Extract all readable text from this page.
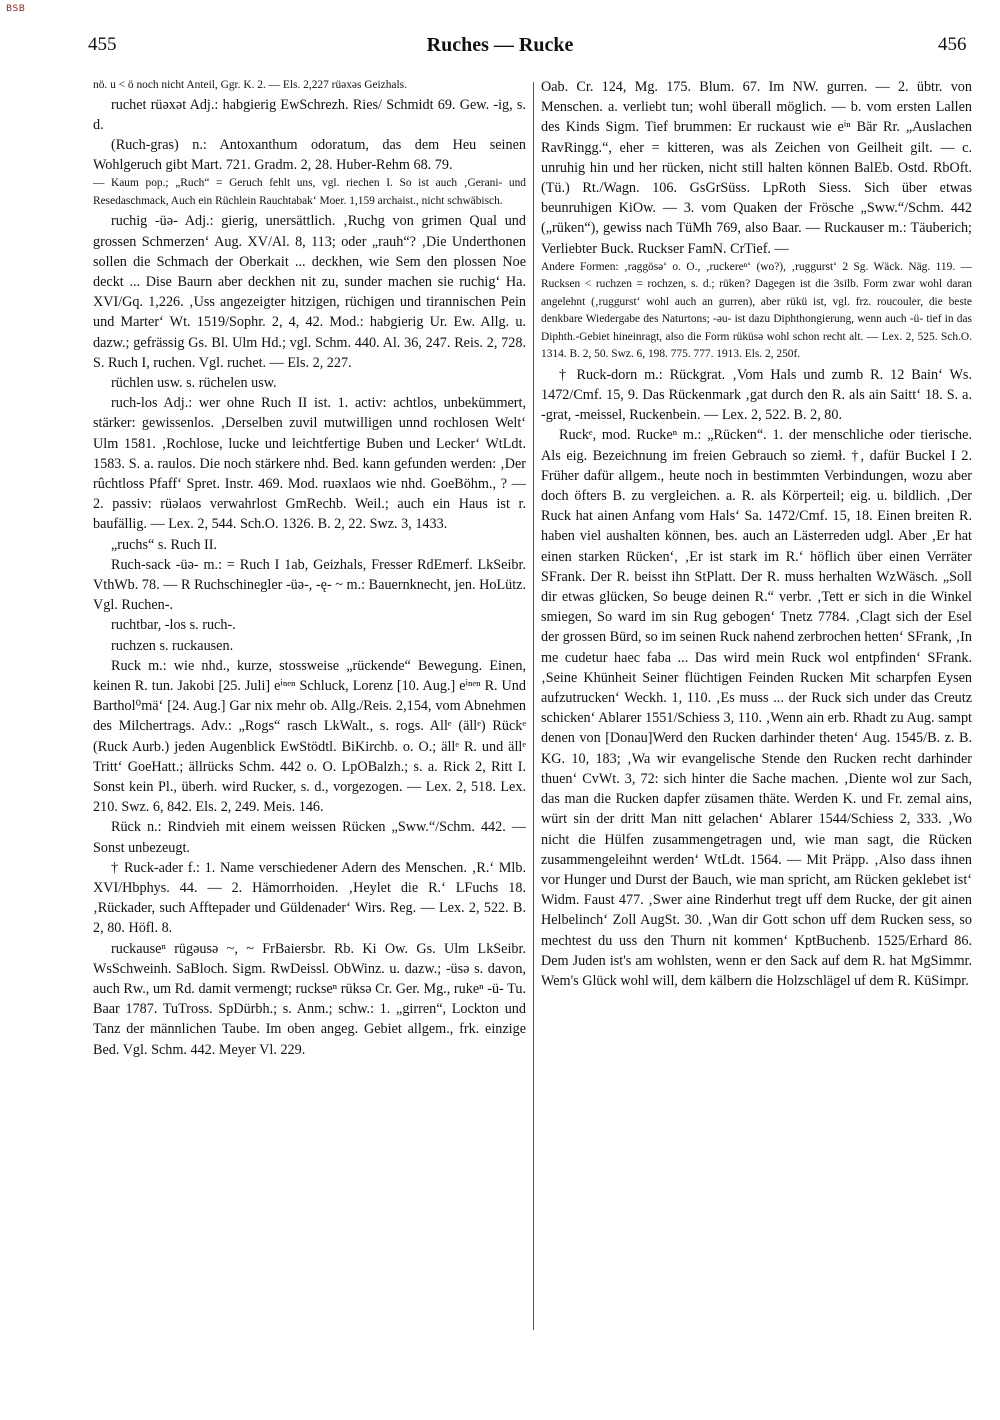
BSB
455	Ruches — Rucke	456

nö. u < ö noch nicht Anteil, Ggr. K. 2. — Els. 2,227 rüəxəs Geizhals.

ruchet rüəxət Adj.: habgierig EwSchrezh. Ries/ Schmidt 69. Gew. -ig, s. d.

(Ruch-gras) n.: Antoxanthum odoratum, das dem Heu seinen Wohlgeruch gibt Mart. 721. Gradm. 2, 28. Huber-Rehm 68. 79.

— Kaum pop.; „Ruch“ = Geruch fehlt uns, vgl. riechen I. So ist auch ‚Gerani- und Resedaschmack, Auch ein Rüchlein Rauchtabak‘ Moer. 1,159 archaist., nicht schwäbisch.

ruchig -üə- Adj.: gierig, unersättlich. ‚Ruchg von grimen Qual und grossen Schmerzen‘ Aug. XV/Al. 8, 113; oder „rauh“? ‚Die Underthonen sollen die Schmach der Oberkait ... deckhen, wie Sem den plossen Noe deckt ... Dise Baurn aber deckhen nit zu, sunder machen sie ruchig‘ Ha. XVI/Gq. 1,226. ‚Uss angezeigter hitzigen, rüchigen und tirannischen Pein und Marter‘ Wt. 1519/Sophr. 2, 4, 42. Mod.: habgierig Ur. Ew. Allg. u. dazw.; gefrässig Gs. Bl. Ulm Hd.; vgl. Schm. 440. Al. 36, 247. Reis. 2, 728. S. Ruch I, ruchen. Vgl. ruchet. — Els. 2, 227.

rüchlen usw. s. rüchelen usw.

ruch-los Adj.: wer ohne Ruch II ist. 1. activ: achtlos, unbekümmert, stärker: gewissenlos. ‚Derselben zuvil mutwilligen unnd rochlosen Welt‘ Ulm 1581. ‚Rochlose, lucke und leichtfertige Buben und Lecker‘ WtLdt. 1583. S. a. raulos. Die noch stärkere nhd. Bed. kann gefunden werden: ‚Der rûchtloss Pfaff‘ Spret. Instr. 469. Mod. ruəxlaos wie nhd. GoeBöhm., ? — 2. passiv: rüəlaos verwahrlost GmRechb. Weil.; auch ein Haus ist r. baufällig. — Lex. 2, 544. Sch.O. 1326. B. 2, 22. Swz. 3, 1433.

„ruchs“ s. Ruch II.

Ruch-sack -üə- m.: = Ruch I 1ab, Geizhals, Fresser RdEmerf. LkSeibr. VthWb. 78. — R Ruchschinegler -üə-, -ę- ~ m.: Bauernknecht, jen. HoLütz. Vgl. Ruchen-.

ruchtbar, -los s. ruch-.

ruchzen s. ruckausen.

Ruck m.: wie nhd., kurze, stossweise „rückende“ Bewegung. Einen, keinen R. tun. Jakobi [25. Juli] eⁱⁿᵉⁿ Schluck, Lorenz [10. Aug.] eⁱⁿᵉⁿ R. Und Barthol⁰mä‘ [24. Aug.] Gar nix mehr ob. Allg./Reis. 2,154, vom Abnehmen des Milchertrags. Adv.: „Rogs“ rasch LkWalt., s. rogs. Allᵉ (ällᵉ) Rückᵉ (Ruck Aurb.) jeden Augenblick EwStödtl. BiKirchb. o. O.; ällᵉ R. und ällᵉ Tritt‘ GoeHatt.; ällrücks Schm. 442 o. O. LpOBalzh.; s. a. Rick 2, Ritt I. Sonst kein Pl., überh. wird Rucker, s. d., vorgezogen. — Lex. 2, 518. Lex. 210. Swz. 6, 842. Els. 2, 249. Meis. 146.

Rück n.: Rindvieh mit einem weissen Rücken „Sww.“/Schm. 442. — Sonst unbezeugt.

† Ruck-ader f.: 1. Name verschiedener Adern des Menschen. ‚R.‘ Mlb. XVI/Hbphys. 44. — 2. Hämorrhoiden. ‚Heylet die R.‘ LFuchs 18. ‚Rückader, such Afftерader und Güldenader‘ Wirs. Reg. — Lex. 2, 522. B. 2, 80. Höfl. 8.

ruckauseⁿ rügəusə ~, ~ FrBaiersbr. Rb. Ki Ow. Gs. Ulm LkSeibr. WsSchweinh. SaBloch. Sigm. RwDeissl. ObWinz. u. dazw.; -üsə s. davon, auch Rw., um Rd. damit vermengt; ruckseⁿ rüksə Cr. Ger. Mg., rukeⁿ -ü- Tu. Baar 1787. TuTross. SpDürbh.; s. Anm.; schw.: 1. „girren“, Lockton und Tanz der männlichen Taube. Im oben angeg. Gebiet allgem., frk. einzige Bed. Vgl. Schm. 442. Meyer Vl. 229.

Oab. Cr. 124, Mg. 175. Blum. 67. Im NW. gurren. — 2. übtr. von Menschen. a. verliebt tun; wohl überall möglich. — b. vom ersten Lallen des Kinds Sigm. Tief brummen: Er ruckaust wie eⁱⁿ Bär Rr. „Auslachen RavRingg.“, eher = kitteren, was als Zeichen von Geilheit gilt. — c. unruhig hin und her rücken, nicht still halten können BalEb. Ostd. RbOft. (Tü.) Rt./Wagn. 106. GsGrSüss. LpRoth Siess. Sich über etwas beunruhigen KiOw. — 3. vom Quaken der Frösche „Sww.“/Schm. 442 („rüken“), gewiss nach TüMh 769, also Baar. — Ruckauser m.: Täuberich; Verliebter Buck. Ruckser FamN. CrTief. —

Andere Formen: ‚raggösə‘ o. O., ‚ruckereⁿ‘ (wo?), ‚ruggurst‘ 2 Sg. Wäck. Näg. 119. — Rucksen < ruchzen = rochzen, s. d.; rüken? Dagegen ist die 3silb. Form zwar wohl daran angelehnt (‚ruggurst‘ wohl auch an gurren), aber rükü ist, vgl. frz. roucouler, die beste denkbare Wiedergabe des Naturtons; -əu- ist dazu Diphthongierung, wenn auch -ü- tief in das Diphth.-Gebiet hineinragt, also die Form rüküsə wohl schon recht alt. — Lex. 2, 525. Sch.O. 1314. B. 2, 50. Swz. 6, 198. 775. 777. 1913. Els. 2, 250f.

† Ruck-dorn m.: Rückgrat. ‚Vom Hals und zumb R. 12 Bain‘ Ws. 1472/Cmf. 15, 9. Das Rückenmark ‚gat durch den R. als ain Saitt‘ 18. S. a. -grat, -meissel, Ruckenbein. — Lex. 2, 522. B. 2, 80.

Ruckᵉ, mod. Ruckeⁿ m.: „Rücken“. 1. der menschliche oder tierische. Als eig. Bezeichnung im freien Gebrauch so ziemł. †, dafür Buckel I 2. Früher dafür allgem., heute noch in bestimmten Verbindungen, wozu aber doch öfters B. zu vergleichen. a. R. als Körperteil; eig. u. bildlich. ‚Der Ruck hat ainen Anfang vom Hals‘ Sa. 1472/Cmf. 15, 18. Einen breiten R. haben viel aushalten können, bes. auch an Lästerreden udgl. Aber ‚Er hat einen starken Rücken‘, ‚Er ist stark im R.‘ höflich über einen Verräter SFrank. Der R. beisst ihn StPlatt. Der R. muss herhalten WzWäsch. „Soll dir etwas glücken, So beuge deinen R.“ verbr. ‚Tett er sich in die Winkel smiegen, So ward im sin Rug gebogen‘ Tnetz 7784. ‚Clagt sich der Esel der grossen Bürd, so im seinen Ruck nahend zerbrochen hetten‘ SFrank, ‚In me cudetur haec faba ... Das wird mein Ruck wol entpfinden‘ SFrank. ‚Seine Khünheit Seiner flüchtigen Feinden Rucken Mit scharpfen Eysen aufzutrucken‘ Weckh. 1, 110. ‚Es muss ... der Ruck sich under das Creutz schicken‘ Ablarer 1551/Schiess 3, 110. ‚Wenn ain erb. Rhadt zu Aug. sampt denen von [Donau]Werd den Rucken darhinder theten‘ Aug. 1545/B. z. B. KG. 10, 183; ‚Wa wir evangelische Stende den Rucken recht darhinder thuen‘ CvWt. 3, 72: sich hinter die Sache machen. ‚Diente wol zur Sach, das man die Rucken dapfer züsamen thäte. Werden K. und Fr. zemal ains, würt sin der dritt Man nitt gelachen‘ Ablarer 1544/Schiess 2, 333. ‚Wo nicht die Hülfen zusammengetragen und, wie man sagt, die Rücken zusammengeleihnt werden‘ WtLdt. 1564. — Mit Präpp. ‚Also dass ihnen vor Hunger und Durst der Bauch, wie man spricht, am Rücken geklebet ist‘ Widm. Faust 477. ‚Swer aine Rinderhut tregt uff dem Rucke, der git ainen Helbelinch‘ Zoll AugSt. 30. ‚Wan dir Gott schon uff dem Rucken sess, so mechtest du uss den Thurn nit kommen‘ KptBuchenb. 1525/Erhard 86. Dem Juden ist's am wohlsten, wenn er den Sack auf dem R. hat MgSimmr. Wem's Glück wohl will, dem kälbern die Holzschlägel uf dem R. KüSimpr.
